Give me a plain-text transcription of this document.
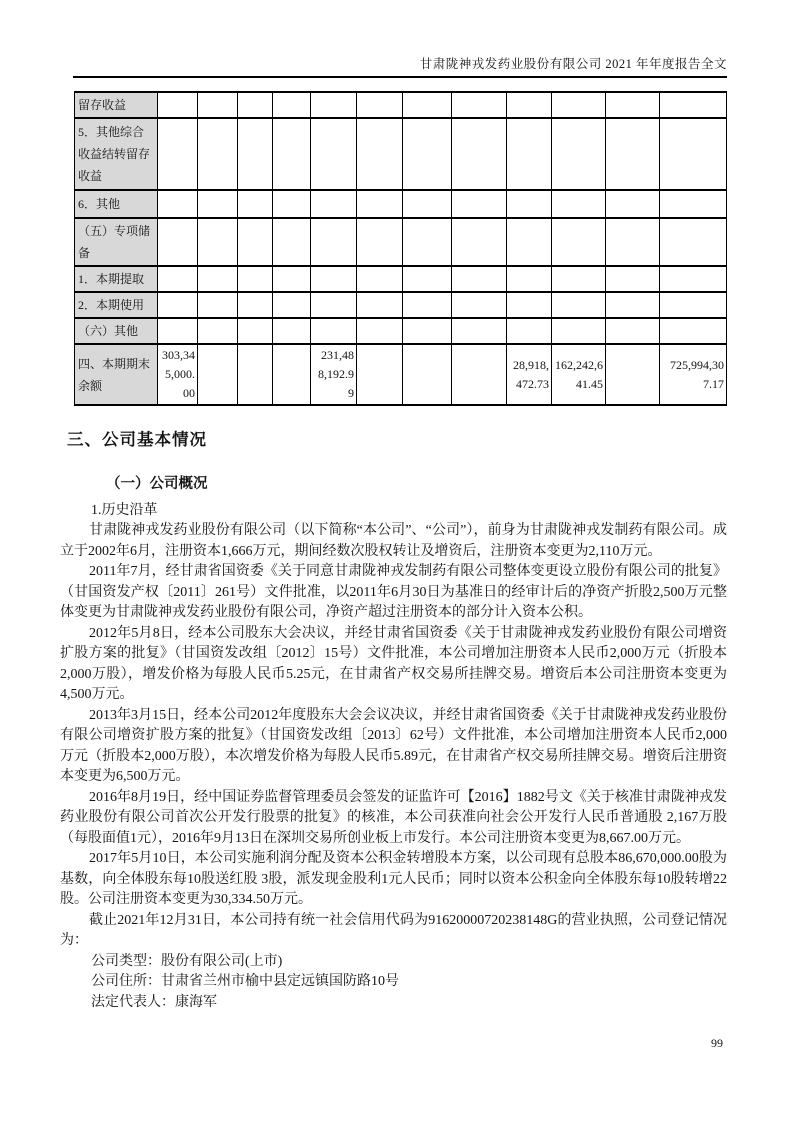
甘肃陇神戎发药业股份有限公司 2021 年年度报告全文
留存收益												
5．其他综合收益结转留存收益												
6．其他												
（五）专项储备												
1．本期提取												
2．本期使用												
（六）其他												
四、本期期末余额	303,345,000.00				231,488,192.99				28,918,472.73	162,242,641.45		725,994,307.17
三、公司基本情况
（一）公司概况
1.历史沿革

甘肃陇神戎发药业股份有限公司（以下简称“本公司”、“公司”），前身为甘肃陇神戎发制药有限公司。成立于2002年6月，注册资本1,666万元，期间经数次股权转让及增资后，注册资本变更为2,110万元。

2011年7月，经甘肃省国资委《关于同意甘肃陇神戎发制药有限公司整体变更设立股份有限公司的批复》（甘国资发产权〔2011〕261号）文件批准，以2011年6月30日为基准日的经审计后的净资产折股2,500万元整体变更为甘肃陇神戎发药业股份有限公司，净资产超过注册资本的部分计入资本公积。

2012年5月8日，经本公司股东大会决议，并经甘肃省国资委《关于甘肃陇神戎发药业股份有限公司增资扩股方案的批复》（甘国资发改组〔2012〕15号）文件批准，本公司增加注册资本人民币2,000万元（折股本2,000万股），增发价格为每股人民币5.25元，在甘肃省产权交易所挂牌交易。增资后本公司注册资本变更为4,500万元。

2013年3月15日，经本公司2012年度股东大会会议决议，并经甘肃省国资委《关于甘肃陇神戎发药业股份有限公司增资扩股方案的批复》（甘国资发改组〔2013〕62号）文件批准，本公司增加注册资本人民币2,000万元（折股本2,000万股），本次增发价格为每股人民币5.89元，在甘肃省产权交易所挂牌交易。增资后注册资本变更为6,500万元。

2016年8月19日，经中国证券监督管理委员会签发的证监许可【2016】1882号文《关于核准甘肃陇神戎发药业股份有限公司首次公开发行股票的批复》的核准，本公司获准向社会公开发行人民币普通股 2,167万股（每股面值1元），2016年9月13日在深圳交易所创业板上市发行。本公司注册资本变更为8,667.00万元。

2017年5月10日，本公司实施利润分配及资本公积金转增股本方案，以公司现有总股本86,670,000.00股为基数，向全体股东每10股送红股 3股，派发现金股利1元人民币；同时以资本公积金向全体股东每10股转增22股。公司注册资本变更为30,334.50万元。

截止2021年12月31日，本公司持有统一社会信用代码为91620000720238148G的营业执照，公司登记情况为：

公司类型：股份有限公司(上市)

公司住所：甘肃省兰州市榆中县定远镇国防路10号

法定代表人：康海军

99
